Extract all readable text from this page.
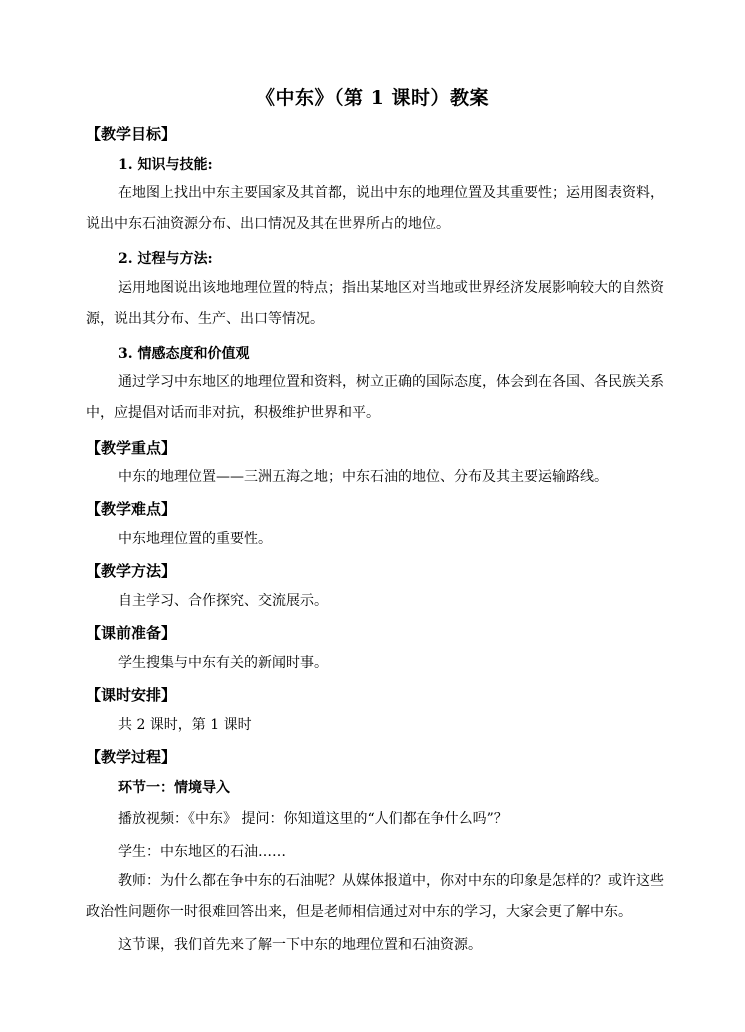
《中东》（第 1 课时）教案
【教学目标】
1. 知识与技能:
在地图上找出中东主要国家及其首都，说出中东的地理位置及其重要性；运用图表资料，说出中东石油资源分布、出口情况及其在世界所占的地位。
2. 过程与方法:
运用地图说出该地地理位置的特点；指出某地区对当地或世界经济发展影响较大的自然资源，说出其分布、生产、出口等情况。
3. 情感态度和价值观
通过学习中东地区的地理位置和资料，树立正确的国际态度，体会到在各国、各民族关系中，应提倡对话而非对抗，积极维护世界和平。
【教学重点】
中东的地理位置——三洲五海之地；中东石油的地位、分布及其主要运输路线。
【教学难点】
中东地理位置的重要性。
【教学方法】
自主学习、合作探究、交流展示。
【课前准备】
学生搜集与中东有关的新闻时事。
【课时安排】
共 2 课时，第 1 课时
【教学过程】
环节一：情境导入
播放视频：《中东》 提问：你知道这里的“人们都在争什么吗”？
学生：中东地区的石油……
教师：为什么都在争中东的石油呢？从媒体报道中，你对中东的印象是怎样的？或许这些政治性问题你一时很难回答出来，但是老师相信通过对中东的学习，大家会更了解中东。
这节课，我们首先来了解一下中东的地理位置和石油资源。
